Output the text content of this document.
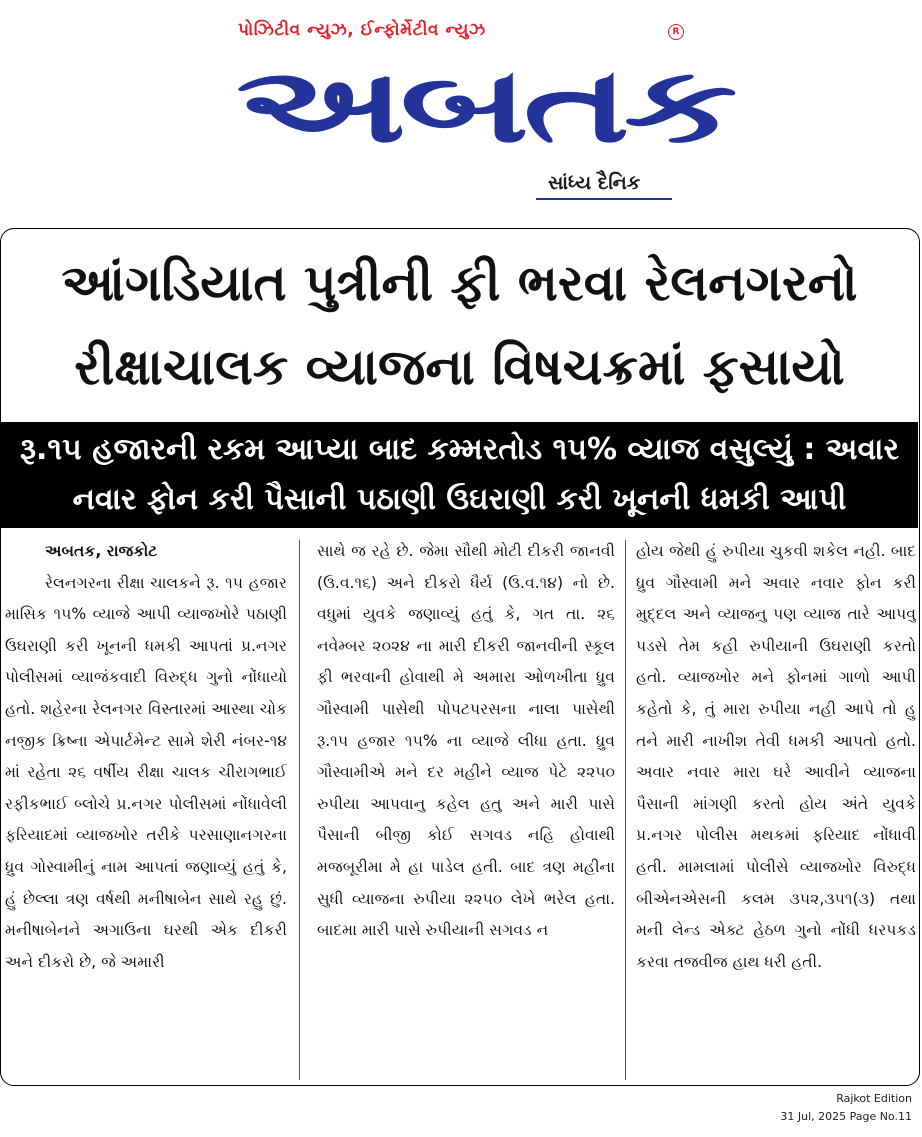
પોઝિટીવ ન્યુઝ, ઈન્ફોર્મેટીવ ન્યુઝ	R
અબતક
સાંધ્ય દૈનિક
આંગડિયાત પુત્રીની ફી ભરવા રેલનગરનો
રીક્ષાચાલક વ્યાજના વિષચક્રમાં ફસાયો
રૂ.૧૫ હજારની રકમ આપ્યા બાદ કમ્મરતોડ ૧૫% વ્યાજ વસુલ્યું : અવાર
નવાર ફોન કરી પૈસાની પઠાણી ઉઘરાણી કરી ખૂનની ધમકી આપી
અબતક, રાજકોટ
રેલનગરના રીક્ષા ચાલકને રૂ. ૧૫ હજાર માસિક ૧૫% વ્યાજે આપી વ્યાજખોરે પઠાણી ઉઘરાણી કરી ખૂનની ધમકી આપતાં પ્ર.નગર પોલીસમાં વ્યાજંકવાદી વિરુદ્ધ ગુનો નોંધાયો હતો. શહેરના રેલનગર વિસ્તારમાં આસ્થા ચોક નજીક ક્રિષ્ના એપાર્ટમેન્ટ સામે શેરી નંબર-૧૪ માં રહેતા ૨૬ વર્ષીય રીક્ષા ચાલક ચીરાગભાઈ રફીકભાઈ બ્લોચે પ્ર.નગર પોલીસમાં નોંધાવેલી ફરિયાદમાં વ્યાજખોર તરીકે પરસાણાનગરના ધ્રુવ ગોસ્વામીનું નામ આપતાં જણાવ્યું હતું કે, હું છેલ્લા ત્રણ વર્ષથી મનીષાબેન સાથે રહુ છું. મનીષાબેનને અગાઉના ઘરથી એક દીકરી અને દીકરો છે, જે અમારી
સાથે જ રહે છે. જેમા સૌથી મોટી દીકરી જાનવી (ઉ.વ.૧૬) અને દીકરો ધૈર્ય (ઉ.વ.૧૪) નો છે. વધુમાં યુવકે જણાવ્યું હતું કે, ગત તા. ૨૬ નવેમ્બર ૨૦૨૪ ના મારી દીકરી જાનવીની સ્કૂલ ફી ભરવાની હોવાથી મે અમારા ઓળખીતા ધ્રુવ ગૌસ્વામી પાસેથી પોપટપરસના નાલા પાસેથી રૂ.૧૫ હજાર ૧૫% ના વ્યાજે લીધા હતા. ધ્રુવ ગૌસ્વામીએ મને દર મહીને વ્યાજ પેટે ૨૨૫૦ રુપીયા આપવાનુ કહેલ હતુ અને મારી પાસે પૈસાની બીજી કોઈ સગવડ નહિ હોવાથી મજબૂરીમા મે હા પાડેલ હતી. બાદ ત્રણ મહીના સુધી વ્યાજના રુપીયા ૨૨૫૦ લેખે ભરેલ હતા. બાદમા મારી પાસે રુપીયાની સગવડ ન
હોય જેથી હું રુપીયા ચુકવી શકેલ નહી. બાદ ધ્રુવ ગૌસ્વામી મને અવાર નવાર ફોન કરી મુદ્દલ અને વ્યાજનુ પણ વ્યાજ તારે આપવુ પડસે તેમ કહી રુપીયાની ઉઘરાણી કરતો હતો. વ્યાજખોર મને ફોનમાં ગાળો આપી કહેતો કે, તું મારા રુપીયા નહી આપે તો હુ તને મારી નાખીશ તેવી ધમકી આપતો હતો. અવાર નવાર મારા ઘરે આવીને વ્યાજના પૈસાની માંગણી કરતો હોય અંતે યુવકે પ્ર.નગર પોલીસ મથકમાં ફરિયાદ નોંધાવી હતી. મામલામાં પોલીસે વ્યાજખોર વિરુદ્ધ બીએનએસની કલમ ૩૫૨,૩૫૧(૩) તથા મની લેન્ડ એક્ટ હેઠળ ગુનો નોંધી ધરપકડ કરવા તજવીજ હાથ ધરી હતી.
Rajkot Edition
31 Jul, 2025 Page No.11
